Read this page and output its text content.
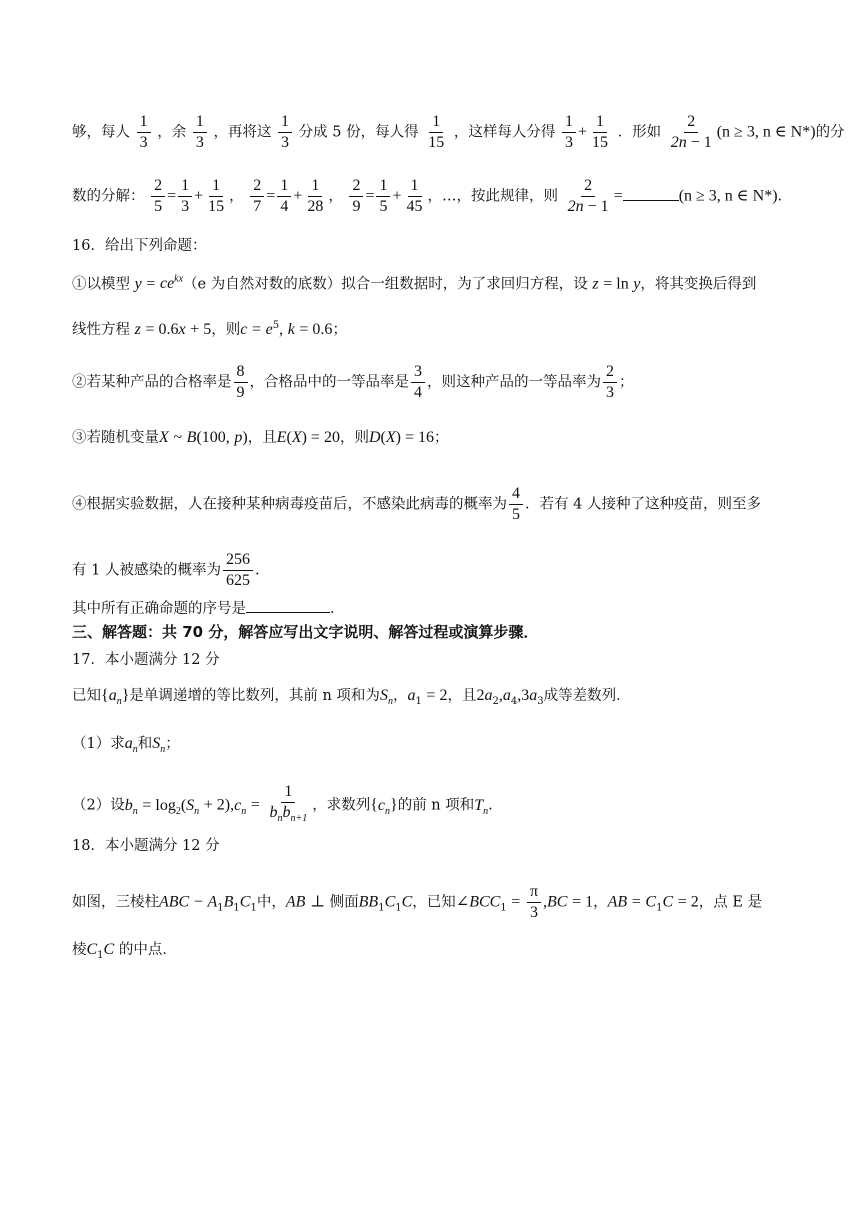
够，每人 $\frac{1}{3}$ ，余 $\frac{1}{3}$ ，再将这 $\frac{1}{3}$ 分成 5 份，每人得 $\frac{1}{15}$ ，这样每人分得 $\frac{1}{3} + \frac{1}{15}$ ．形如 $\frac{2}{2n - 1} (n \ge 3$, n ∈ N*)的分
数的分解： $\frac{2}{5} = \frac{1}{3} + \frac{1}{15}$ ， $\frac{2}{7} = \frac{1}{4} + \frac{1}{28}$ ， $\frac{2}{9} = \frac{1}{5} + \frac{1}{45}$ ，…，按此规律，则 $\frac{2}{2n - 1}$ =	(n ≥ 3, n ∈ N*).
16．给出下列命题：
①以模型 $y = ce^{kx}(e$ 为自然对数的底数）拟合一组数据时，为了求回归方程，设 z = ln y，将其变换后得到
线性方程 z = 0.6x + 5，则$c = e^5$, k = 0.6；
②若某种产品的合格率是 $\frac{8}{9}$ ，合格品中的一等品率是 $\frac{3}{4}$ ，则这种产品的一等品率为 $\frac{2}{3}$ ；
③若随机变量X ~ B(100, p)，且E(X) = 20，则D(X) = 16；
④根据实验数据，人在接种某种病毒疫苗后，不感染此病毒的概率为 $\frac{4}{5}$ ．若有 4 人接种了这种疫苗，则至多
有 1 人被感染的概率为 $\frac{256}{625}$ .
其中所有正确命题的序号是	.
三、解答题：共 70 分，解答应写出文字说明、解答过程或演算步骤．
17．本小题满分 12 分
已知$\{a_n\}$是单调递增的等比数列，其前 n 项和为$S_n$，$a_1 = 2$，且$2a_2,a_4,3a_3$成等差数列．
（1）求$a_n$和$S_n$；
（2）设$b_n = \log_2(S_n + 2),c_n = \frac{1}{b_nb_{n+1}}$ ，求数列$\{c_n\}$的前 n 项和$T_n$.
18．本小题满分 12 分
如图，三棱柱ABC − $A_1B_1C_1$中，AB ⊥ 侧面$BB_1C_1C$，已知$\angle BCC_1 = \frac{\pi}{3} ,BC = 1$，AB = $C_1C = 2$，点 E 是
棱$C_1C$ 的中点．
